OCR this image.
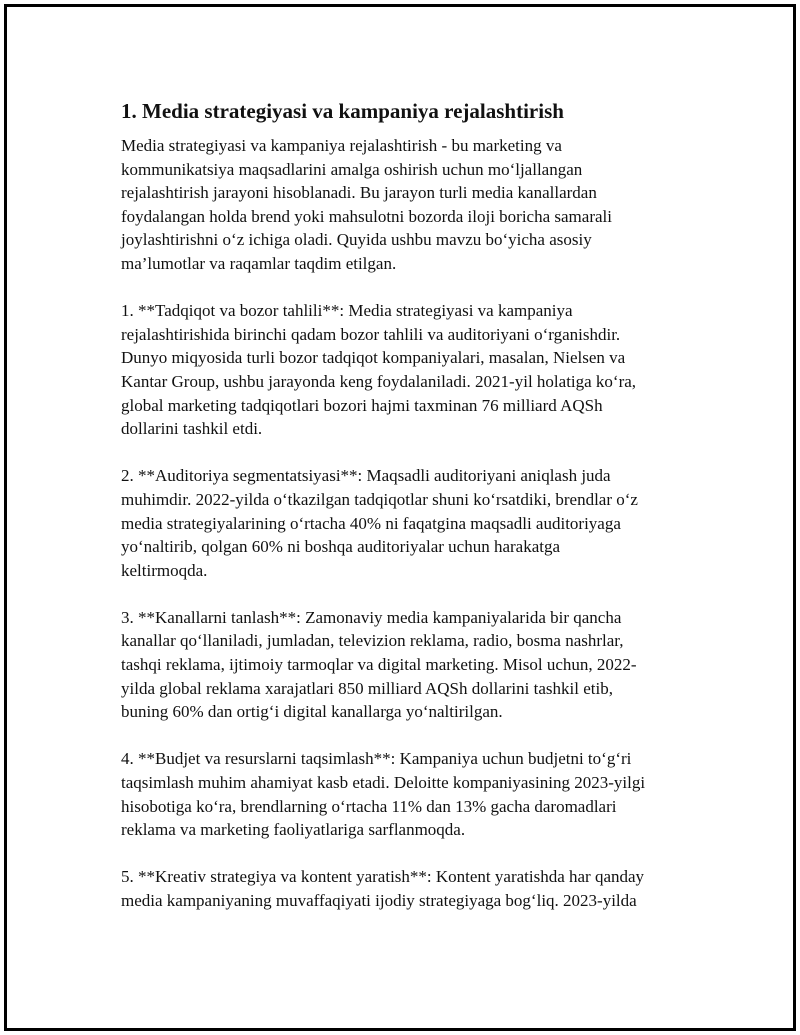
1. Media strategiyasi va kampaniya rejalashtirish

Media strategiyasi va kampaniya rejalashtirish - bu marketing va
kommunikatsiya maqsadlarini amalga oshirish uchun mo‘ljallangan
rejalashtirish jarayoni hisoblanadi. Bu jarayon turli media kanallardan
foydalangan holda brend yoki mahsulotni bozorda iloji boricha samarali
joylashtirishni o‘z ichiga oladi. Quyida ushbu mavzu bo‘yicha asosiy
ma’lumotlar va raqamlar taqdim etilgan.

1. **Tadqiqot va bozor tahlili**: Media strategiyasi va kampaniya
rejalashtirishida birinchi qadam bozor tahlili va auditoriyani o‘rganishdir.
Dunyo miqyosida turli bozor tadqiqot kompaniyalari, masalan, Nielsen va
Kantar Group, ushbu jarayonda keng foydalaniladi. 2021-yil holatiga ko‘ra,
global marketing tadqiqotlari bozori hajmi taxminan 76 milliard AQSh
dollarini tashkil etdi.

2. **Auditoriya segmentatsiyasi**: Maqsadli auditoriyani aniqlash juda
muhimdir. 2022-yilda o‘tkazilgan tadqiqotlar shuni ko‘rsatdiki, brendlar o‘z
media strategiyalarining o‘rtacha 40% ni faqatgina maqsadli auditoriyaga
yo‘naltirib, qolgan 60% ni boshqa auditoriyalar uchun harakatga
keltirmoqda.

3. **Kanallarni tanlash**: Zamonaviy media kampaniyalarida bir qancha
kanallar qo‘llaniladi, jumladan, televizion reklama, radio, bosma nashrlar,
tashqi reklama, ijtimoiy tarmoqlar va digital marketing. Misol uchun, 2022-
yilda global reklama xarajatlari 850 milliard AQSh dollarini tashkil etib,
buning 60% dan ortig‘i digital kanallarga yo‘naltirilgan.

4. **Budjet va resurslarni taqsimlash**: Kampaniya uchun budjetni to‘g‘ri
taqsimlash muhim ahamiyat kasb etadi. Deloitte kompaniyasining 2023-yilgi
hisobotiga ko‘ra, brendlarning o‘rtacha 11% dan 13% gacha daromadlari
reklama va marketing faoliyatlariga sarflanmoqda.

5. **Kreativ strategiya va kontent yaratish**: Kontent yaratishda har qanday
media kampaniyaning muvaffaqiyati ijodiy strategiyaga bog‘liq. 2023-yilda
